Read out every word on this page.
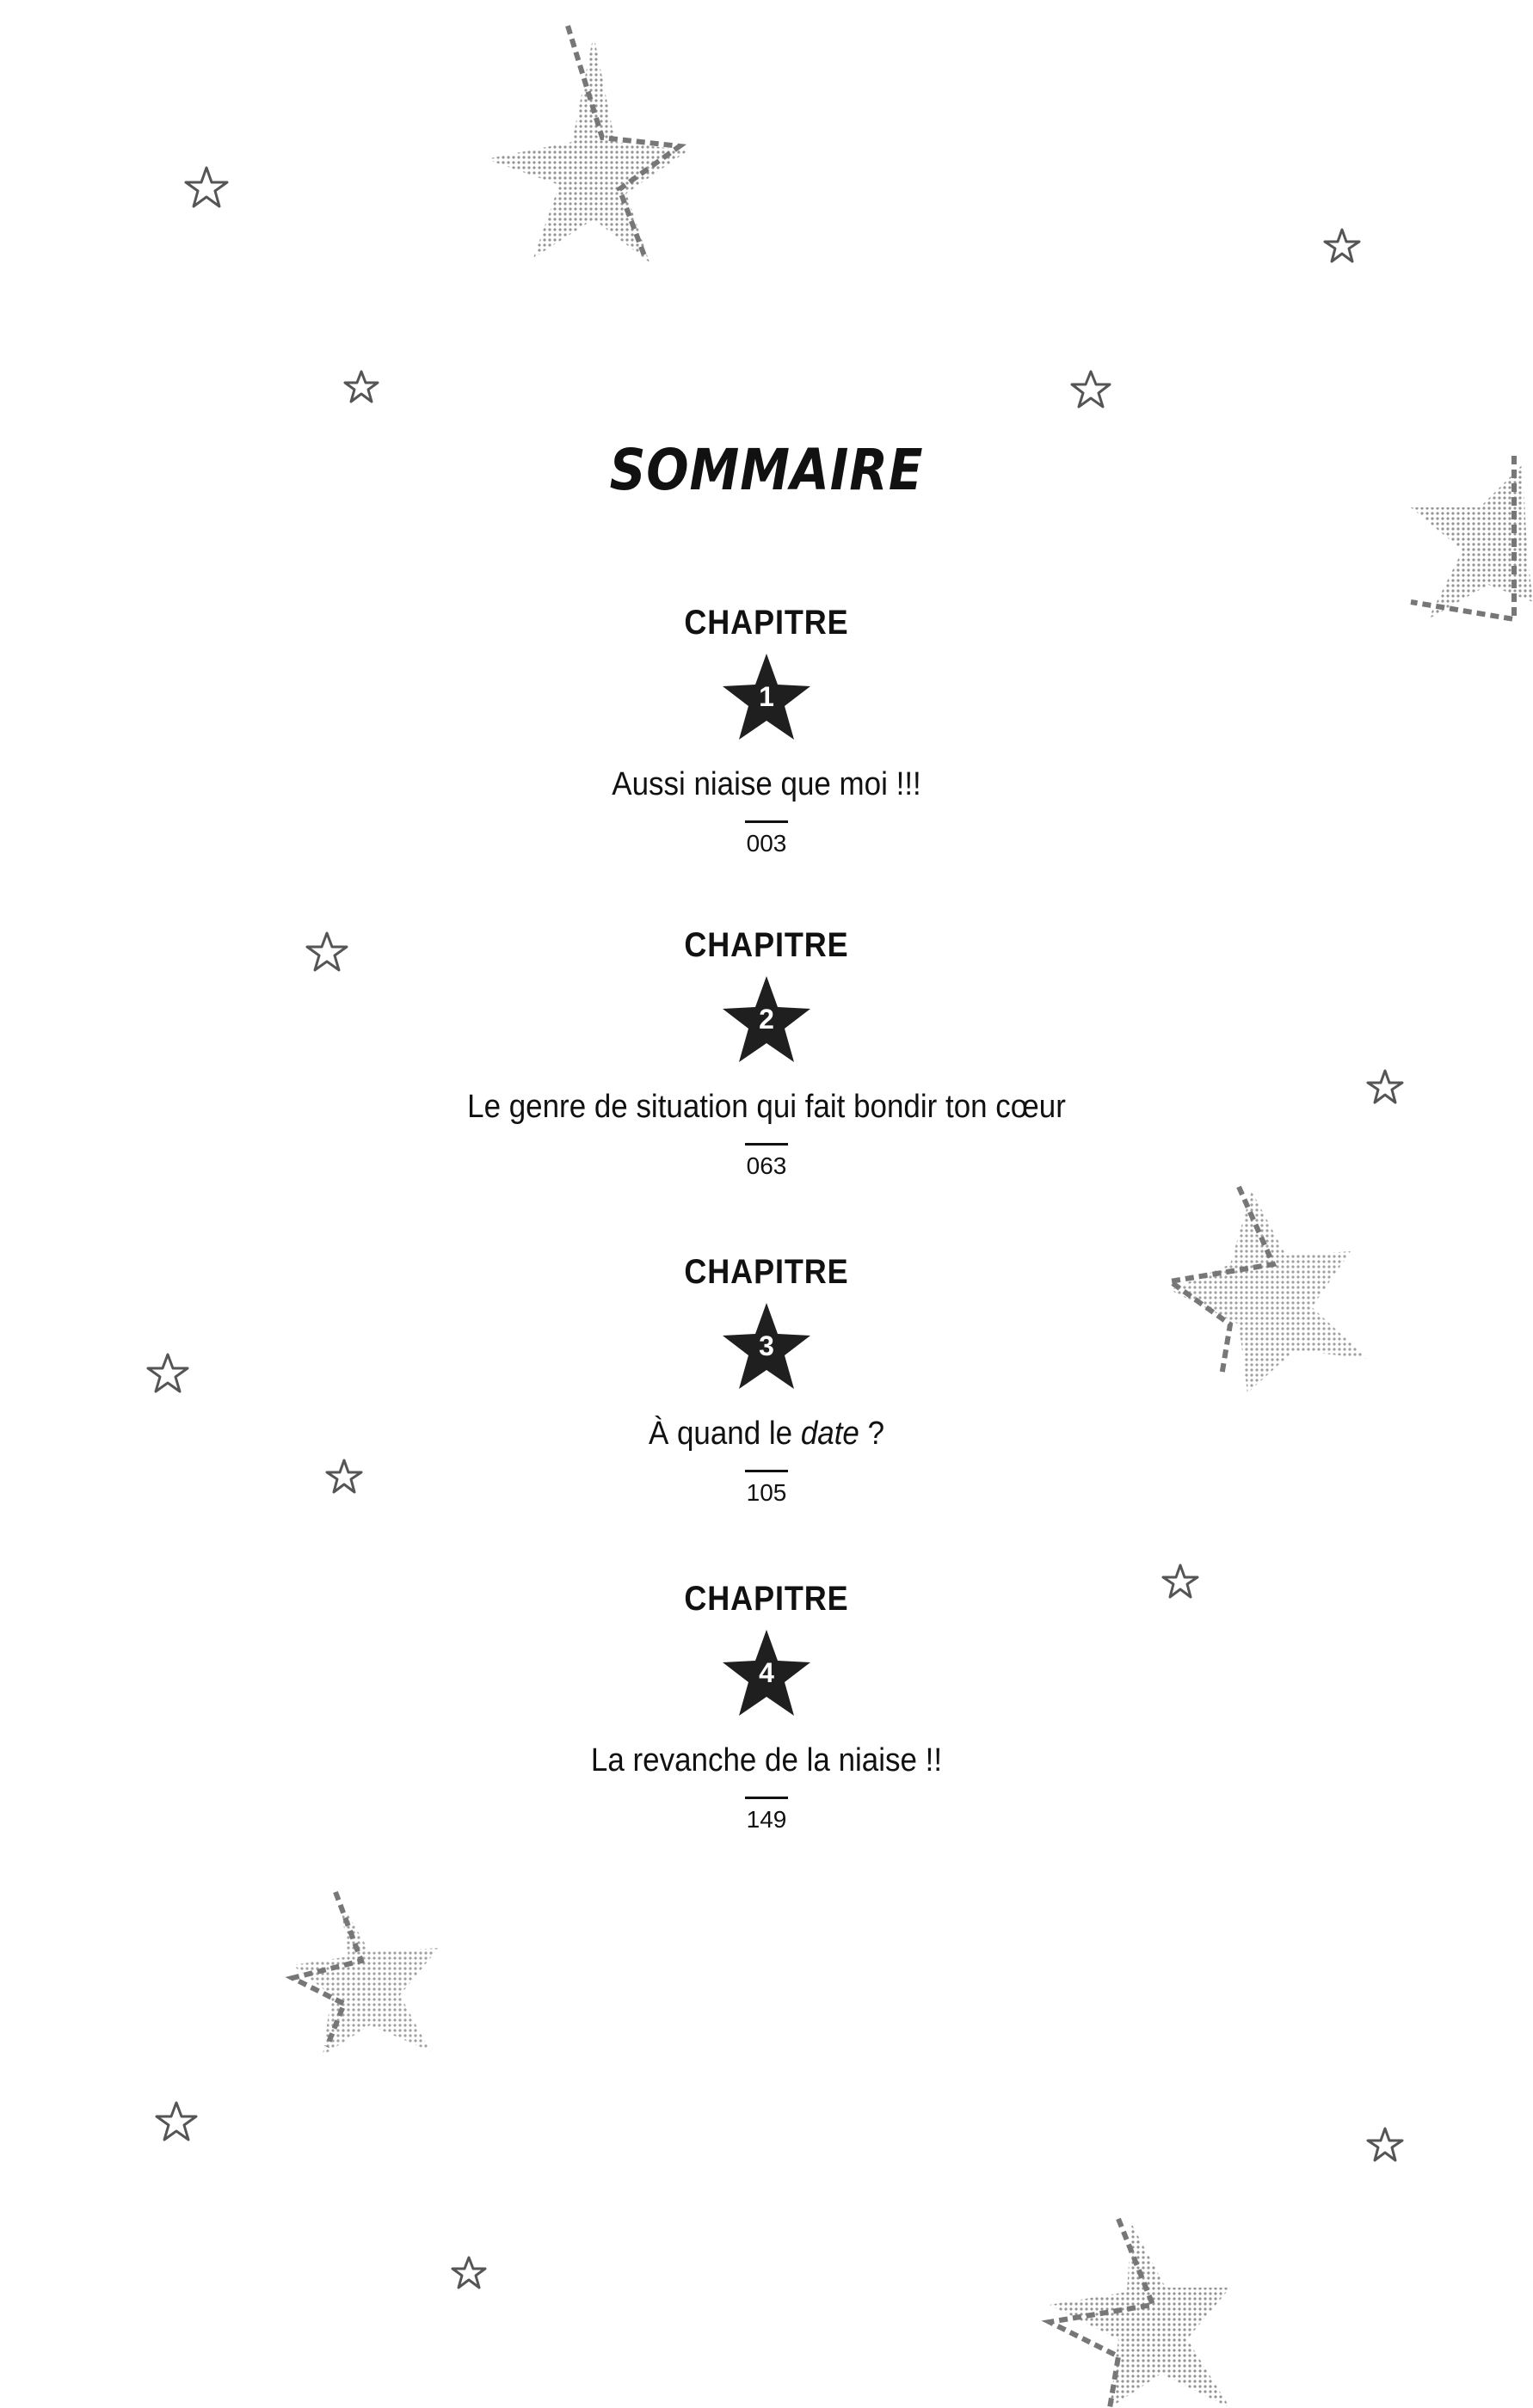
SOMMAIRE
CHAPITRE
1
Aussi niaise que moi !!!
003
CHAPITRE
2
Le genre de situation qui fait bondir ton cœur
063
CHAPITRE
3
À quand le date ?
105
CHAPITRE
4
La revanche de la niaise !!
149
